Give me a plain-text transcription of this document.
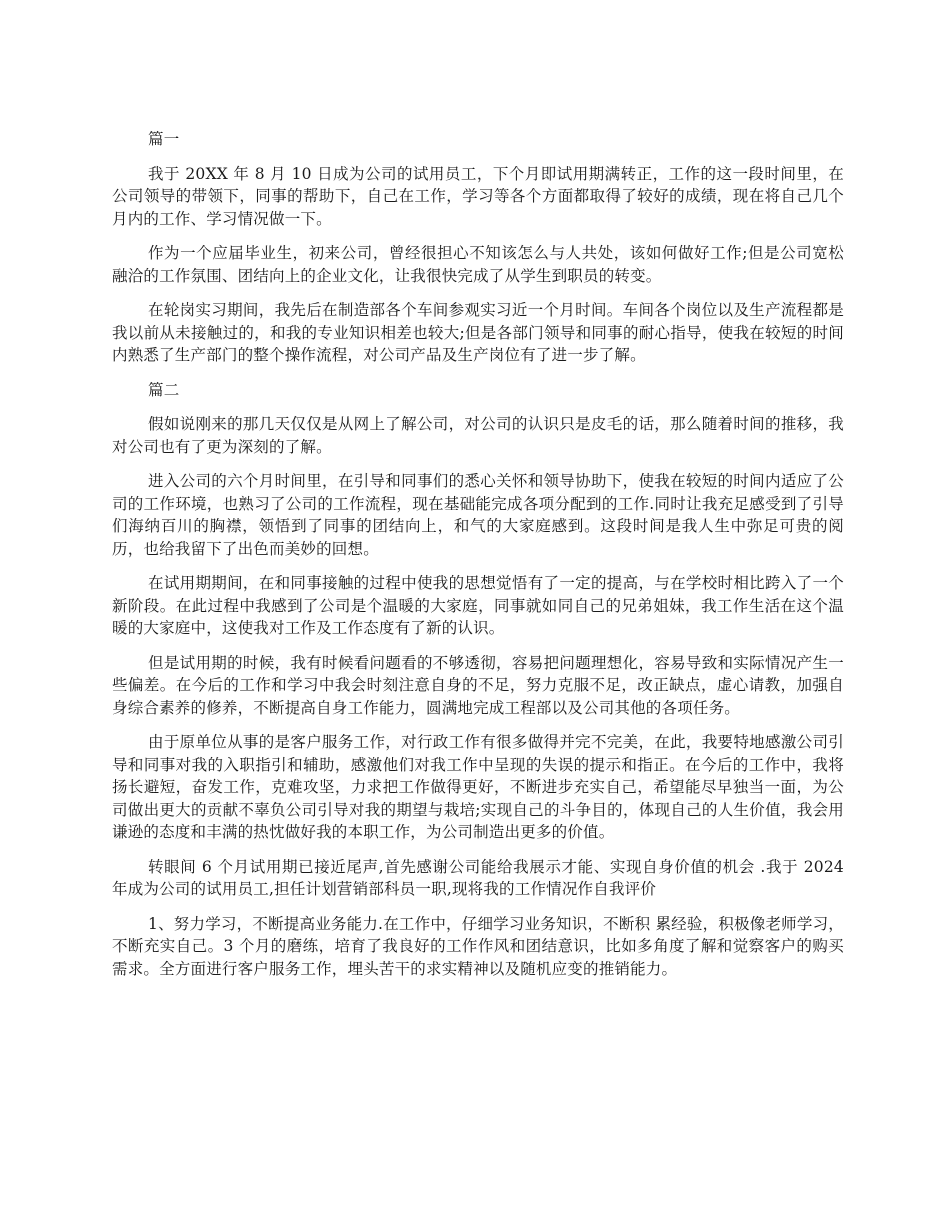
篇一

我于 20XX 年 8 月 10 日成为公司的试用员工，下个月即试用期满转正，工作的这一段时间里，在公司领导的带领下，同事的帮助下，自己在工作，学习等各个方面都取得了较好的成绩，现在将自己几个月内的工作、学习情况做一下。

作为一个应届毕业生，初来公司，曾经很担心不知该怎么与人共处，该如何做好工作;但是公司宽松融洽的工作氛围、团结向上的企业文化，让我很快完成了从学生到职员的转变。

在轮岗实习期间，我先后在制造部各个车间参观实习近一个月时间。车间各个岗位以及生产流程都是我以前从未接触过的，和我的专业知识相差也较大;但是各部门领导和同事的耐心指导，使我在较短的时间内熟悉了生产部门的整个操作流程，对公司产品及生产岗位有了进一步了解。

篇二

假如说刚来的那几天仅仅是从网上了解公司，对公司的认识只是皮毛的话，那么随着时间的推移，我对公司也有了更为深刻的了解。

进入公司的六个月时间里，在引导和同事们的悉心关怀和领导协助下，使我在较短的时间内适应了公司的工作环境，也熟习了公司的工作流程，现在基础能完成各项分配到的工作.同时让我充足感受到了引导们海纳百川的胸襟，领悟到了同事的团结向上，和气的大家庭感到。这段时间是我人生中弥足可贵的阅历，也给我留下了出色而美妙的回想。

在试用期期间，在和同事接触的过程中使我的思想觉悟有了一定的提高，与在学校时相比跨入了一个新阶段。在此过程中我感到了公司是个温暖的大家庭，同事就如同自己的兄弟姐妹，我工作生活在这个温暖的大家庭中，这使我对工作及工作态度有了新的认识。

但是试用期的时候，我有时候看问题看的不够透彻，容易把问题理想化，容易导致和实际情况产生一些偏差。在今后的工作和学习中我会时刻注意自身的不足，努力克服不足，改正缺点，虚心请教，加强自身综合素养的修养，不断提高自身工作能力，圆满地完成工程部以及公司其他的各项任务。

由于原单位从事的是客户服务工作，对行政工作有很多做得并完不完美，在此，我要特地感激公司引导和同事对我的入职指引和辅助，感激他们对我工作中呈现的失误的提示和指正。在今后的工作中，我将扬长避短，奋发工作，克难攻坚，力求把工作做得更好，不断进步充实自己，希望能尽早独当一面，为公司做出更大的贡献不辜负公司引导对我的期望与栽培;实现自己的斗争目的，体现自己的人生价值，我会用谦逊的态度和丰满的热忱做好我的本职工作，为公司制造出更多的价值。

转眼间 6 个月试用期已接近尾声,首先感谢公司能给我展示才能、实现自身价值的机会 .我于 2024 年成为公司的试用员工,担任计划营销部科员一职,现将我的工作情况作自我评价

1、努力学习，不断提高业务能力.在工作中，仔细学习业务知识，不断积 累经验，积极像老师学习，不断充实自己。3 个月的磨练，培育了我良好的工作作风和团结意识，比如多角度了解和觉察客户的购买需求。全方面进行客户服务工作，埋头苦干的求实精神以及随机应变的推销能力。
